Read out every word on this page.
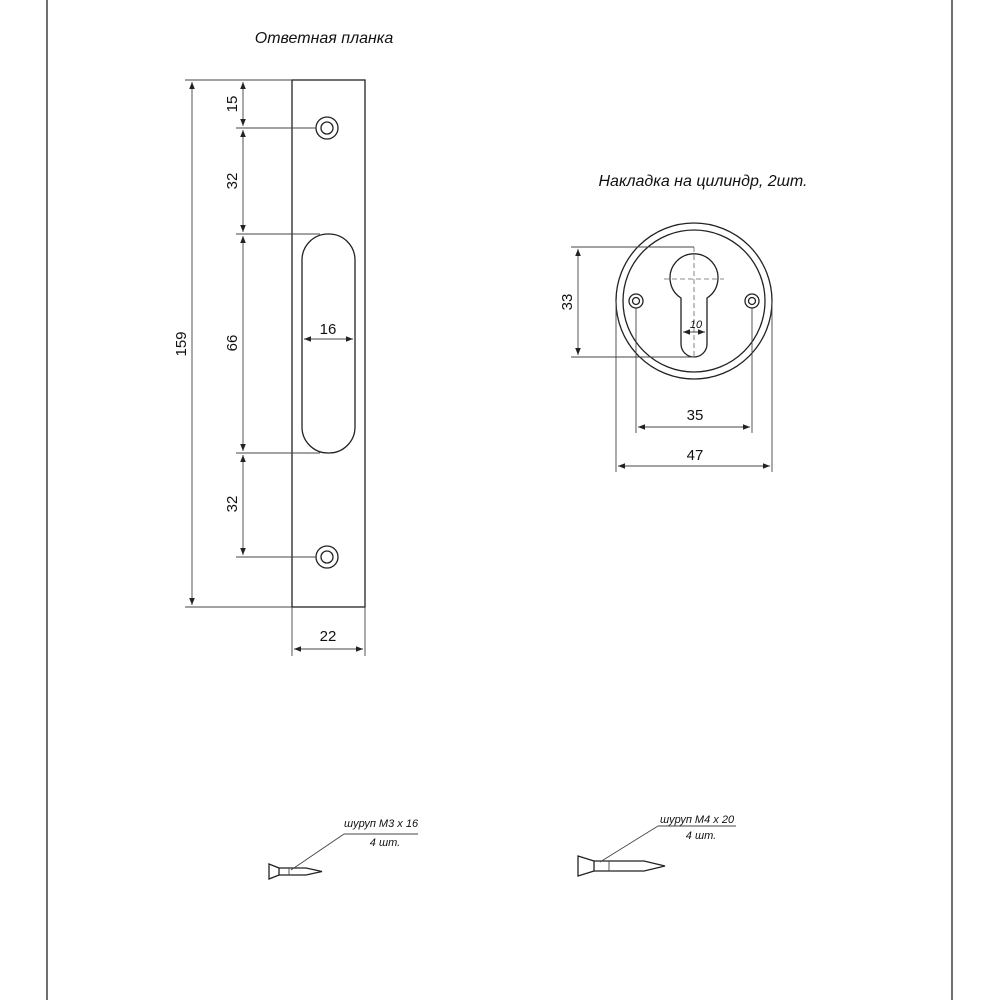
Ответная планка
159
15
32
66
32
16
22
Накладка на цилиндр, 2шт.
33
10
35
47
шуруп М3 х 16
4 шт.
шуруп М4 х 20
4 шт.
